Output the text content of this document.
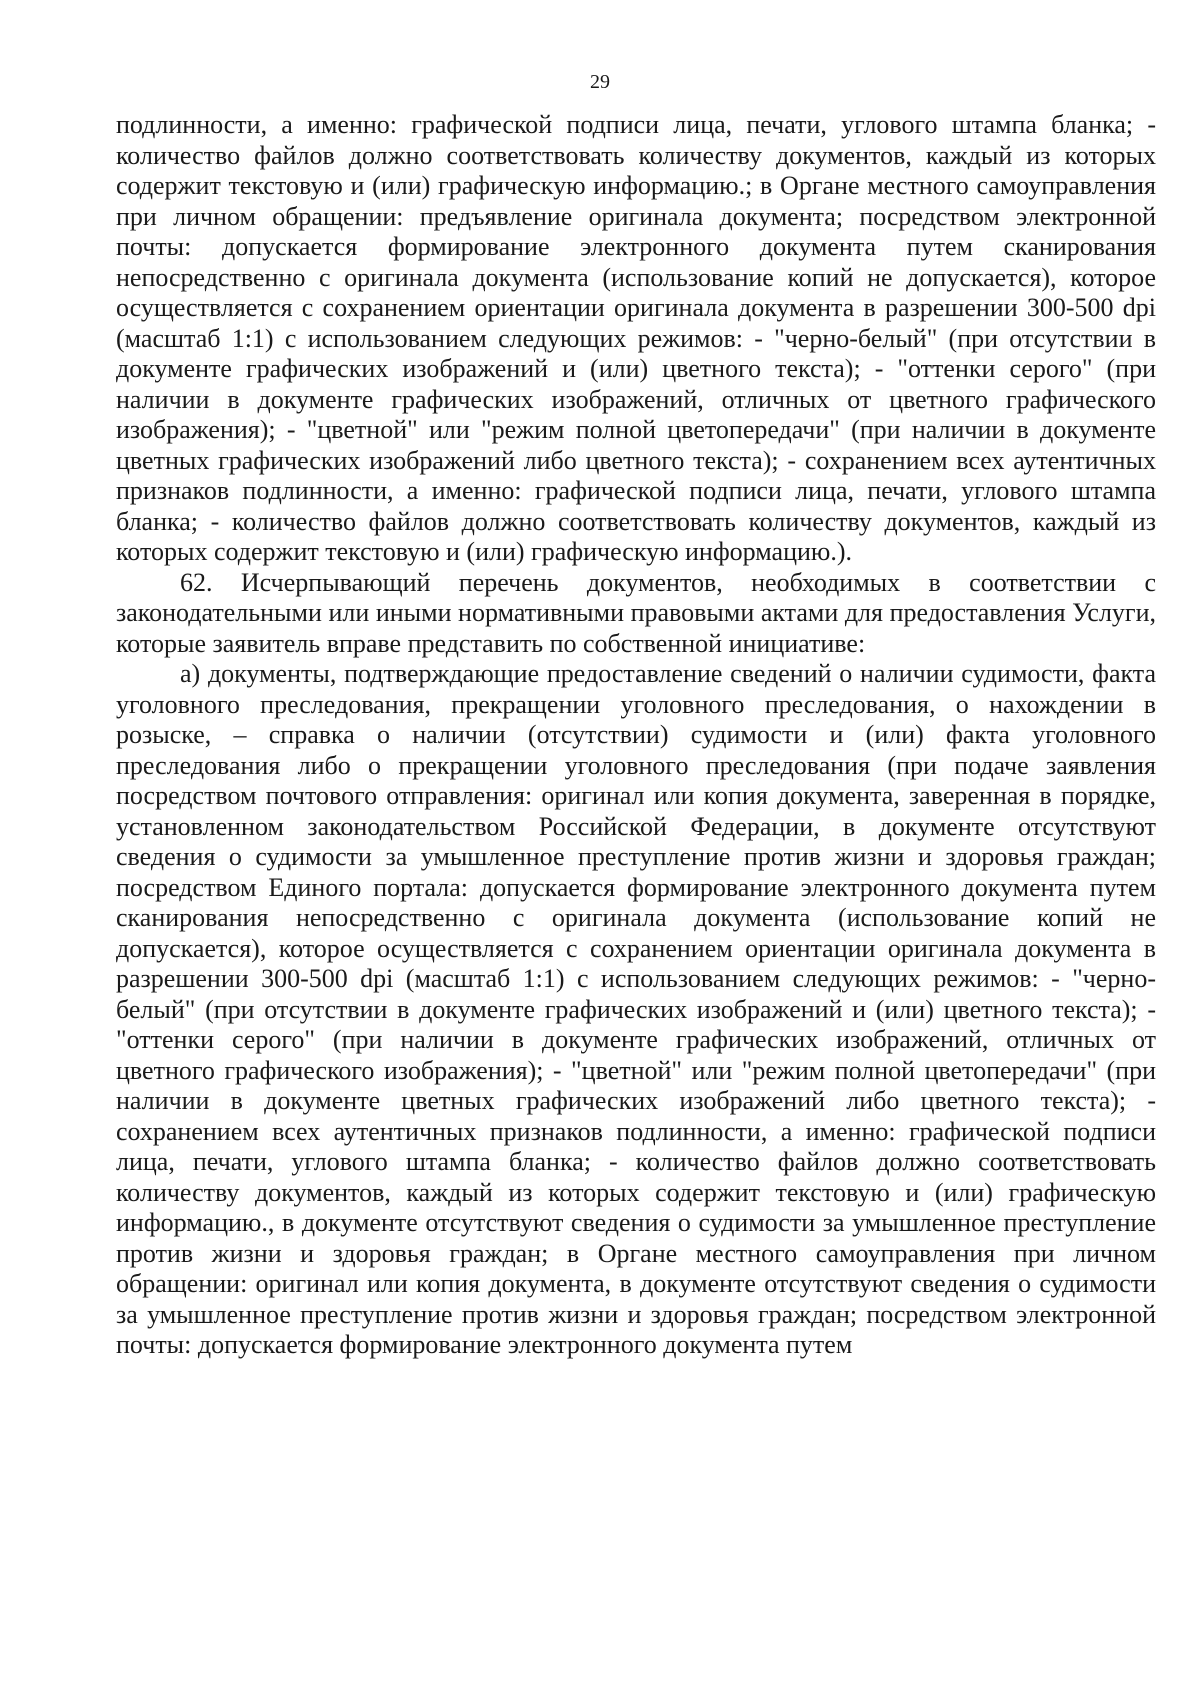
29

подлинности, а именно: графической подписи лица, печати, углового штампа бланка; - количество файлов должно соответствовать количеству документов, каждый из которых содержит текстовую и (или) графическую информацию.; в Органе местного самоуправления при личном обращении: предъявление оригинала документа; посредством электронной почты: допускается формирование электронного документа путем сканирования непосредственно с оригинала документа (использование копий не допускается), которое осуществляется с сохранением ориентации оригинала документа в разрешении 300-500 dpi (масштаб 1:1) с использованием следующих режимов: - "черно-белый" (при отсутствии в документе графических изображений и (или) цветного текста); - "оттенки серого" (при наличии в документе графических изображений, отличных от цветного графического изображения); - "цветной" или "режим полной цветопередачи" (при наличии в документе цветных графических изображений либо цветного текста); - сохранением всех аутентичных признаков подлинности, а именно: графической подписи лица, печати, углового штампа бланка; - количество файлов должно соответствовать количеству документов, каждый из которых содержит текстовую и (или) графическую информацию.).

62. Исчерпывающий перечень документов, необходимых в соответствии с законодательными или иными нормативными правовыми актами для предоставления Услуги, которые заявитель вправе представить по собственной инициативе:

а) документы, подтверждающие предоставление сведений о наличии судимости, факта уголовного преследования, прекращении уголовного преследования, о нахождении в розыске, – справка о наличии (отсутствии) судимости и (или) факта уголовного преследования либо о прекращении уголовного преследования (при подаче заявления посредством почтового отправления: оригинал или копия документа, заверенная в порядке, установленном законодательством Российской Федерации, в документе отсутствуют сведения о судимости за умышленное преступление против жизни и здоровья граждан; посредством Единого портала: допускается формирование электронного документа путем сканирования непосредственно с оригинала документа (использование копий не допускается), которое осуществляется с сохранением ориентации оригинала документа в разрешении 300-500 dpi (масштаб 1:1) с использованием следующих режимов: - "черно-белый" (при отсутствии в документе графических изображений и (или) цветного текста); - "оттенки серого" (при наличии в документе графических изображений, отличных от цветного графического изображения); - "цветной" или "режим полной цветопередачи" (при наличии в документе цветных графических изображений либо цветного текста); - сохранением всех аутентичных признаков подлинности, а именно: графической подписи лица, печати, углового штампа бланка; - количество файлов должно соответствовать количеству документов, каждый из которых содержит текстовую и (или) графическую информацию., в документе отсутствуют сведения о судимости за умышленное преступление против жизни и здоровья граждан; в Органе местного самоуправления при личном обращении: оригинал или копия документа, в документе отсутствуют сведения о судимости за умышленное преступление против жизни и здоровья граждан; посредством электронной почты: допускается формирование электронного документа путем
